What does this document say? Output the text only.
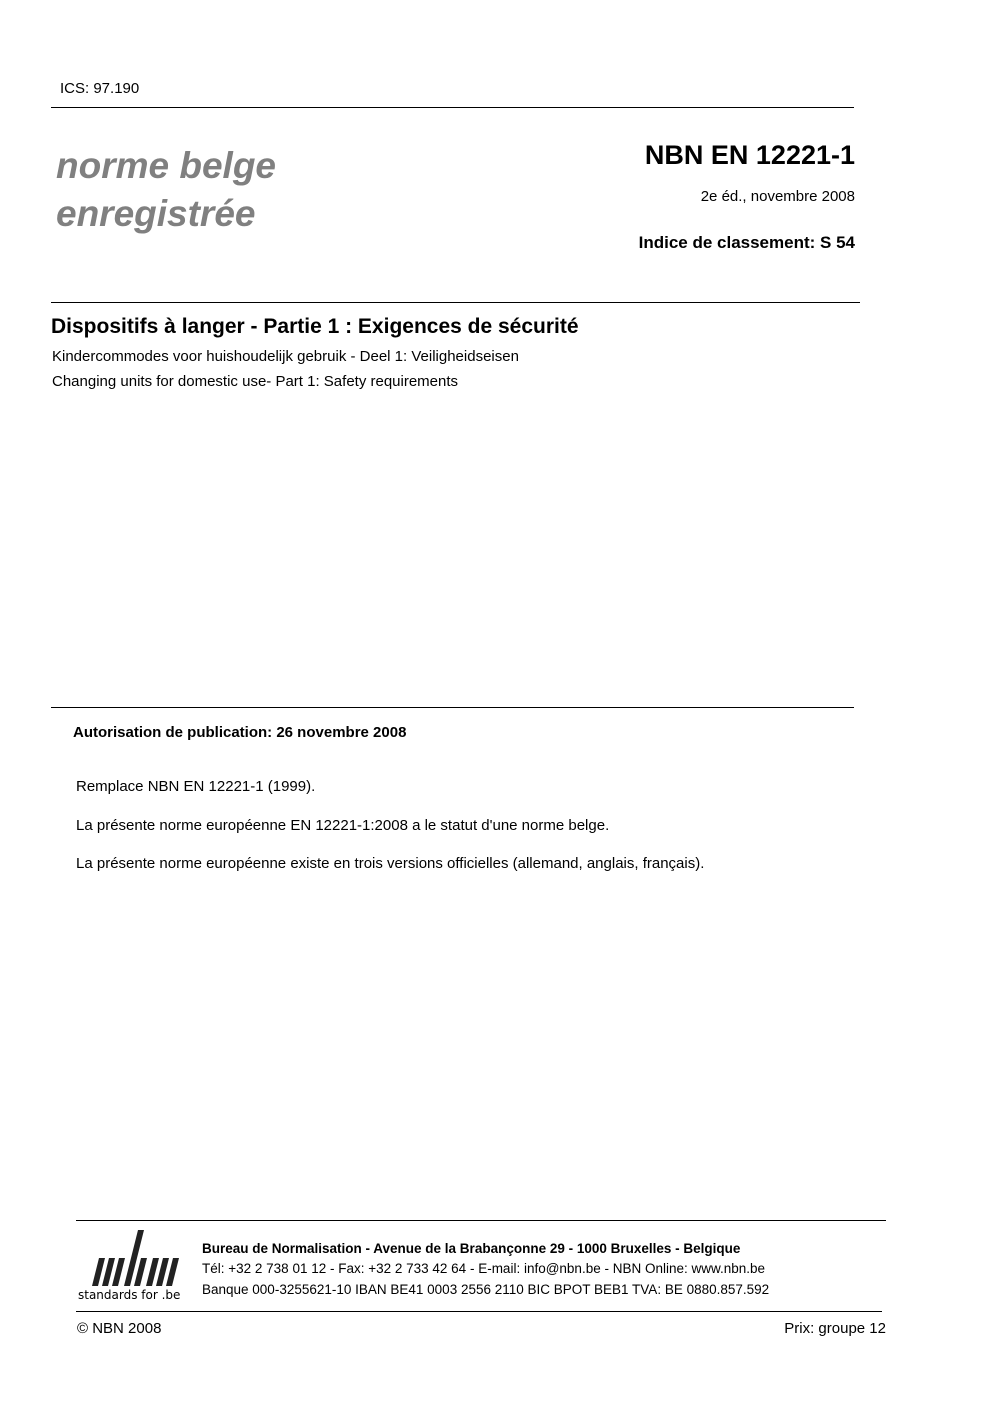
ICS: 97.190
norme belge
enregistrée
NBN EN 12221-1
2e éd., novembre 2008
Indice de classement: S 54
Dispositifs à langer - Partie 1 : Exigences de sécurité
Kindercommodes voor huishoudelijk gebruik - Deel 1: Veiligheidseisen
Changing units for domestic use- Part 1: Safety requirements
Autorisation de publication: 26 novembre 2008
Remplace NBN EN 12221-1 (1999).
La présente norme européenne EN 12221-1:2008 a le statut d'une norme belge.
La présente norme européenne existe en trois versions officielles (allemand, anglais, français).
standards for .be
Bureau de Normalisation - Avenue de la Brabançonne 29 - 1000 Bruxelles - Belgique
Tél: +32 2 738 01 12 - Fax: +32 2 733 42 64 - E-mail: info@nbn.be - NBN Online: www.nbn.be
Banque 000-3255621-10 IBAN BE41 0003 2556 2110 BIC BPOT BEB1 TVA: BE 0880.857.592
© NBN 2008	Prix: groupe 12
